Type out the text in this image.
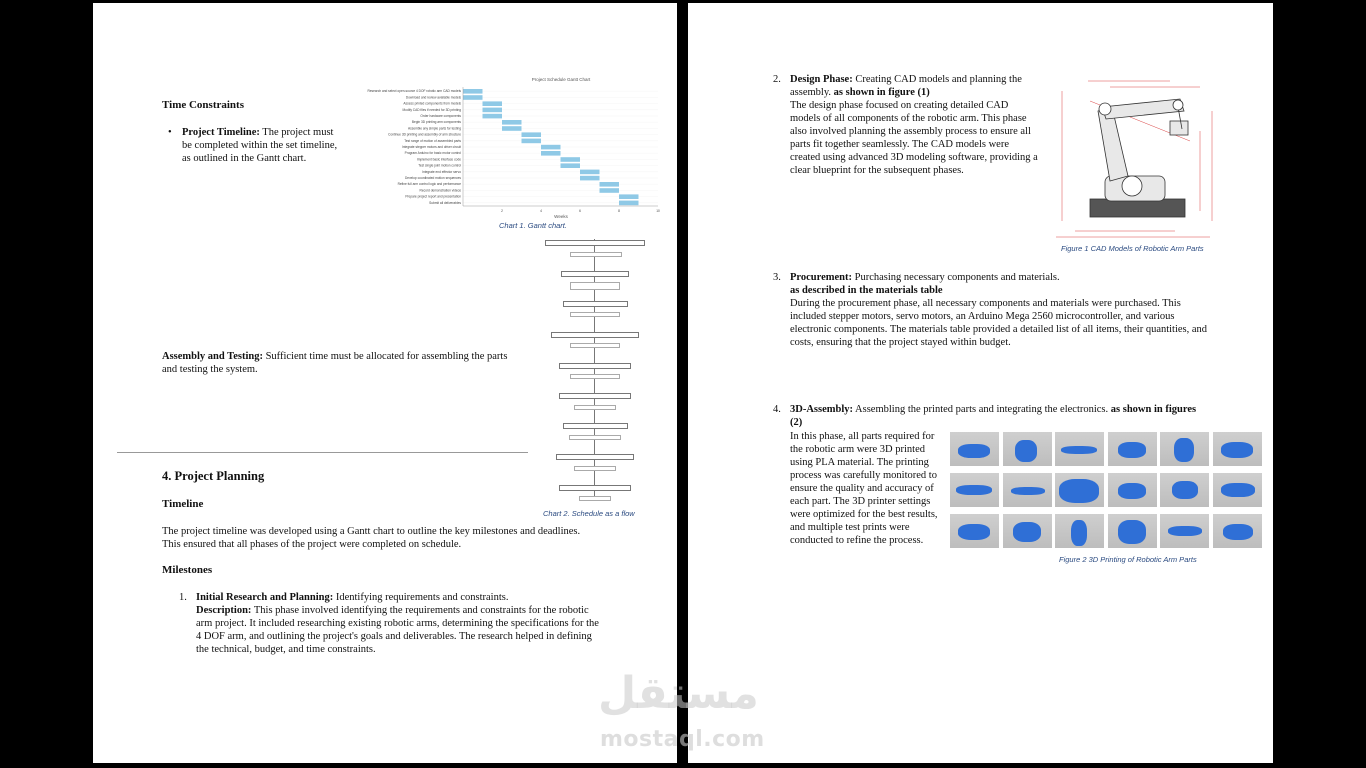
Time Constraints
• Project Timeline: The project must be completed within the set timeline, as outlined in the Gantt chart.
Project Schedule Gantt Chart
Research and select open-source 4 DOF robotic arm CAD models
Download and review available models
Assess printed components from models
Modify CAD files if needed for 3D printing
Order hardware components
Begin 3D printing arm components
Assemble any simple parts for testing
Continue 3D printing and assembly of arm structure
Test range of motion of assembled parts
Integrate stepper motors and driver circuit
Program Arduino for basic motor control
Implement basic interface code
Test single joint motion control
Integrate end effector servo
Develop coordinated motion sequences
Refine full arm control logic and performance
Record demonstration videos
Prepare project report and presentation
Submit all deliverables
2	4	6	8	10
Weeks
Chart 1. Gantt chart.
Chart 2. Schedule as a flow
Assembly and Testing: Sufficient time must be allocated for assembling the parts and testing the system.
4. Project Planning
Timeline
The project timeline was developed using a Gantt chart to outline the key milestones and deadlines. This ensured that all phases of the project were completed on schedule.
Milestones
1. Initial Research and Planning: Identifying requirements and constraints.
Description: This phase involved identifying the requirements and constraints for the robotic arm project. It included researching existing robotic arms, determining the specifications for the 4 DOF arm, and outlining the project's goals and deliverables. The research helped in defining the technical, budget, and time constraints.
2. Design Phase: Creating CAD models and planning the assembly. as shown in figure (1)
The design phase focused on creating detailed CAD models of all components of the robotic arm. This phase also involved planning the assembly process to ensure all parts fit together seamlessly. The CAD models were created using advanced 3D modeling software, providing a clear blueprint for the subsequent phases.
Figure 1 CAD Models of Robotic Arm Parts
3. Procurement: Purchasing necessary components and materials.
as described in the materials table
During the procurement phase, all necessary components and materials were purchased. This included stepper motors, servo motors, an Arduino Mega 2560 microcontroller, and various electronic components. The materials table provided a detailed list of all items, their quantities, and costs, ensuring that the project stayed within budget.
4. 3D-Assembly: Assembling the printed parts and integrating the electronics. as shown in figures (2)
In this phase, all parts required for the robotic arm were 3D printed using PLA material. The printing process was carefully monitored to ensure the quality and accuracy of each part. The 3D printer settings were optimized for the best results, and multiple test prints were conducted to refine the process.
Figure 2 3D Printing of Robotic Arm Parts
مستقل
mostaql.com
